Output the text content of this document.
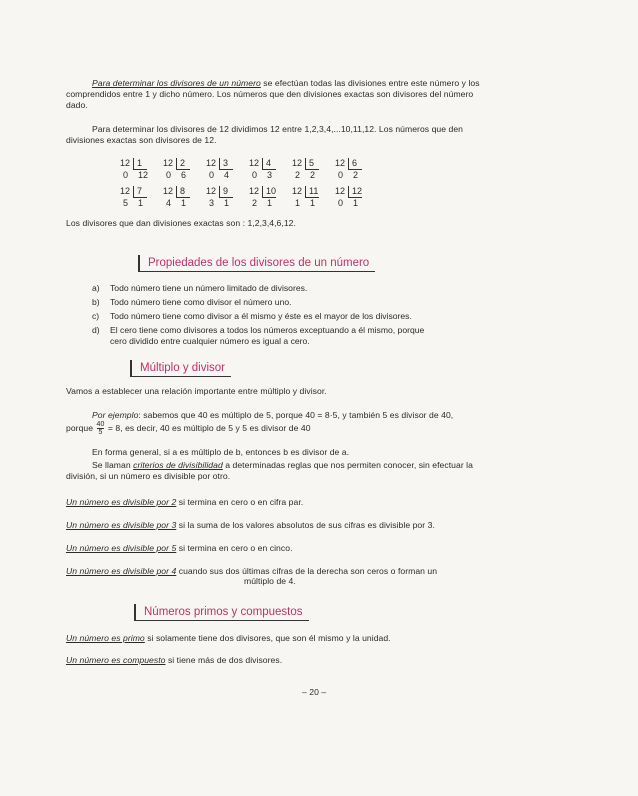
Para determinar los divisores de un número se efectúan todas las divisiones entre este número y los
comprendidos entre 1 y dicho número. Los números que den divisiones exactas son divisores del número
dado.
Para determinar los divisores de 12 dividimos 12 entre 1,2,3,4,...10,11,12. Los números que den
divisiones exactas son divisores de 12.
12 1
0 12
12 2
0 6
12 3
0 4
12 4
0 3
12 5
2 2
12 6
0 2
12 7
5 1
12 8
4 1
12 9
3 1
12 10
2 1
12 11
1 1
12 12
0 1
Los divisores que dan divisiones exactas son : 1,2,3,4,6,12.
Propiedades de los divisores de un número
a) Todo número tiene un número limitado de divisores.
b) Todo número tiene como divisor el número uno.
c) Todo número tiene como divisor a él mismo y éste es el mayor de los divisores.
d) El cero tiene como divisores a todos los números exceptuando a él mismo, porque
cero dividido entre cualquier número es igual a cero.
Múltiplo y divisor
Vamos a establecer una relación importante entre múltiplo y divisor.
Por ejemplo: sabemos que 40 es múltiplo de 5, porque 40 = 8·5, y también 5 es divisor de 40,
porque $\frac{40}{5} = 8$, es decir, 40 es múltiplo de 5 y 5 es divisor de 40
En forma general, si a es múltiplo de b, entonces b es divisor de a.
Se llaman criterios de divisibilidad a determinadas reglas que nos permiten conocer, sin efectuar la
división, si un número es divisible por otro.
Un número es divisible por 2 si termina en cero o en cifra par.
Un número es divisible por 3 si la suma de los valores absolutos de sus cifras es divisible por 3.
Un número es divisible por 5 si termina en cero o en cinco.
Un número es divisible por 4 cuando sus dos últimas cifras de la derecha son ceros o forman un
múltiplo de 4.
Números primos y compuestos
Un número es primo si solamente tiene dos divisores, que son él mismo y la unidad.
Un número es compuesto si tiene más de dos divisores.
– 20 –
